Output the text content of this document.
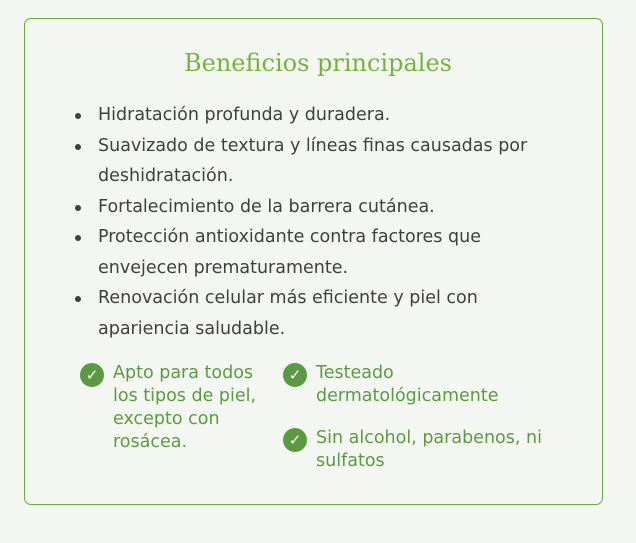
Beneficios principales
Hidratación profunda y duradera.
Suavizado de textura y líneas finas causadas por deshidratación.
Fortalecimiento de la barrera cutánea.
Protección antioxidante contra factores que envejecen prematuramente.
Renovación celular más eficiente y piel con apariencia saludable.
✓ Apto para todos los tipos de piel, excepto con rosácea.
✓ Testeado dermatológicamente
✓ Sin alcohol, parabenos, ni sulfatos
